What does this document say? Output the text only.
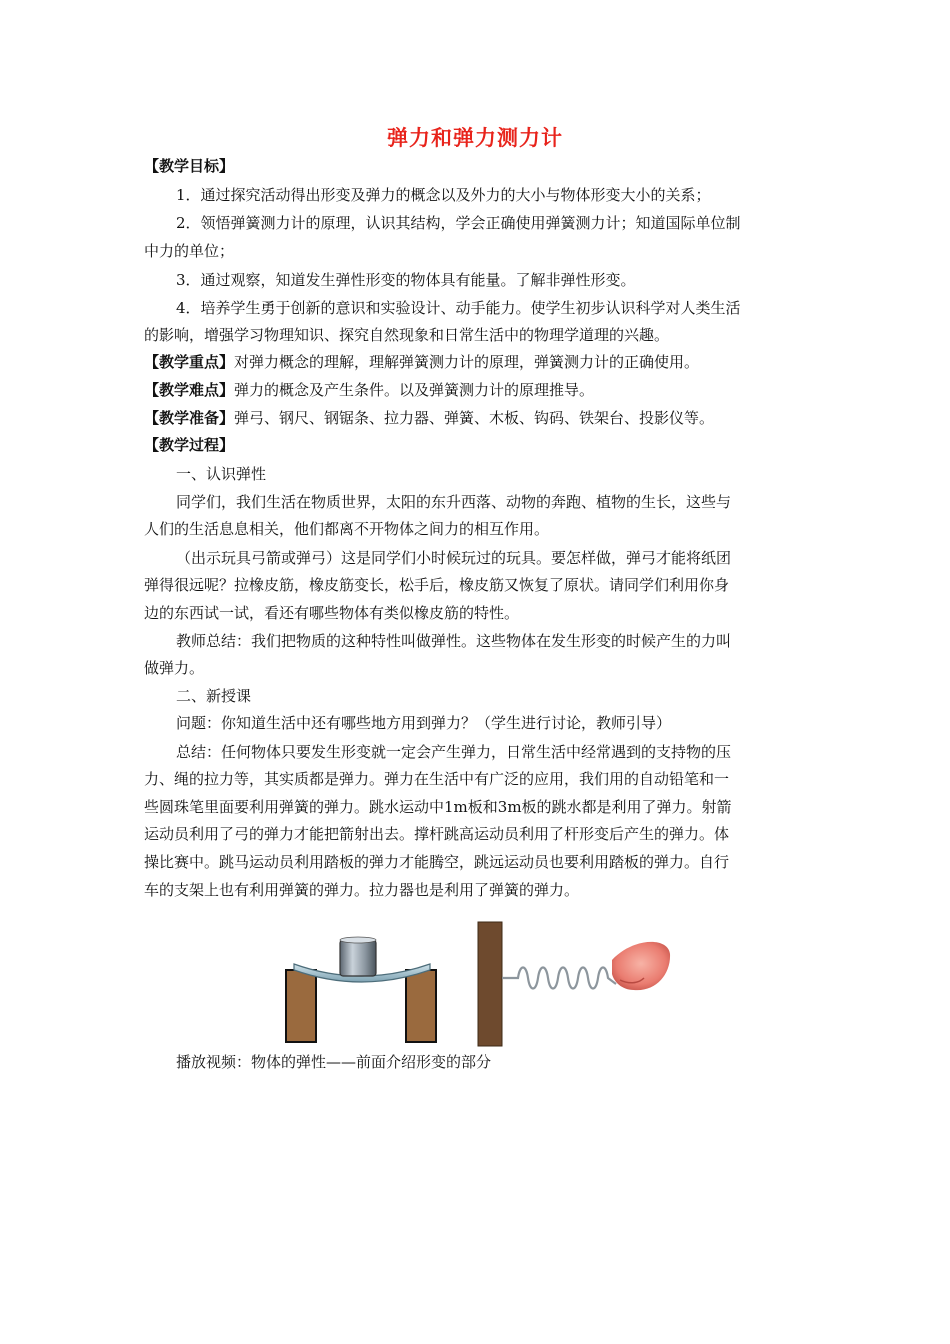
弹力和弹力测力计
【教学目标】
1．通过探究活动得出形变及弹力的概念以及外力的大小与物体形变大小的关系；
2．领悟弹簧测力计的原理，认识其结构，学会正确使用弹簧测力计；知道国际单位制
中力的单位；
3．通过观察，知道发生弹性形变的物体具有能量。了解非弹性形变。
4．培养学生勇于创新的意识和实验设计、动手能力。使学生初步认识科学对人类生活
的影响，增强学习物理知识、探究自然现象和日常生活中的物理学道理的兴趣。
【教学重点】对弹力概念的理解，理解弹簧测力计的原理，弹簧测力计的正确使用。
【教学难点】弹力的概念及产生条件。以及弹簧测力计的原理推导。
【教学准备】弹弓、钢尺、钢锯条、拉力器、弹簧、木板、钩码、铁架台、投影仪等。
【教学过程】
一、认识弹性
同学们，我们生活在物质世界，太阳的东升西落、动物的奔跑、植物的生长，这些与
人们的生活息息相关，他们都离不开物体之间力的相互作用。
（出示玩具弓箭或弹弓）这是同学们小时候玩过的玩具。要怎样做，弹弓才能将纸团
弹得很远呢？拉橡皮筋，橡皮筋变长，松手后，橡皮筋又恢复了原状。请同学们利用你身
边的东西试一试，看还有哪些物体有类似橡皮筋的特性。
教师总结：我们把物质的这种特性叫做弹性。这些物体在发生形变的时候产生的力叫
做弹力。
二、新授课
问题：你知道生活中还有哪些地方用到弹力？（学生进行讨论，教师引导）
总结：任何物体只要发生形变就一定会产生弹力，日常生活中经常遇到的支持物的压
力、绳的拉力等，其实质都是弹力。弹力在生活中有广泛的应用，我们用的自动铅笔和一
些圆珠笔里面要利用弹簧的弹力。跳水运动中1m板和3m板的跳水都是利用了弹力。射箭
运动员利用了弓的弹力才能把箭射出去。撑杆跳高运动员利用了杆形变后产生的弹力。体
操比赛中。跳马运动员利用踏板的弹力才能腾空，跳远运动员也要利用踏板的弹力。自行
车的支架上也有利用弹簧的弹力。拉力器也是利用了弹簧的弹力。
播放视频：物体的弹性——前面介绍形变的部分
